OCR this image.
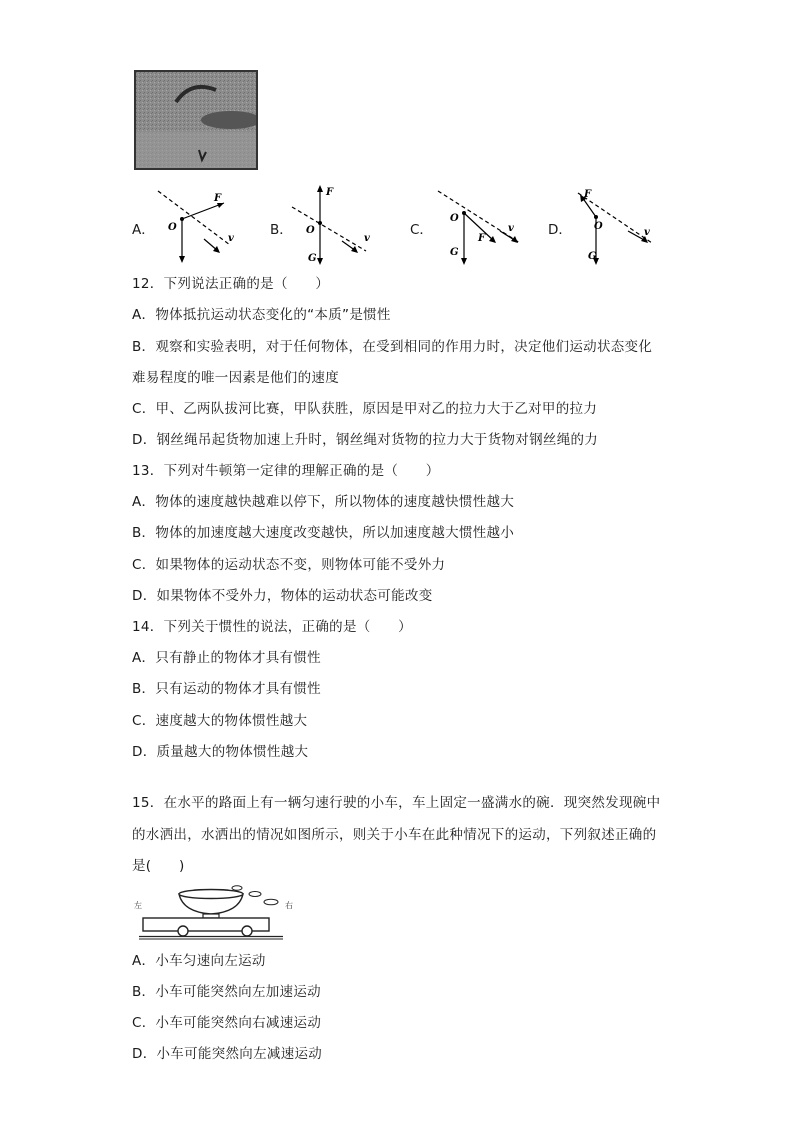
A．
F
O
v
B．
F
O
G
v
C．
O
G
F
v	D．
F
O
G
v
12．下列说法正确的是（　　）
A．物体抵抗运动状态变化的“本质”是惯性
B．观察和实验表明，对于任何物体，在受到相同的作用力时，决定他们运动状态变化
难易程度的唯一因素是他们的速度
C．甲、乙两队拔河比赛，甲队获胜，原因是甲对乙的拉力大于乙对甲的拉力
D．钢丝绳吊起货物加速上升时，钢丝绳对货物的拉力大于货物对钢丝绳的力
13．下列对牛顿第一定律的理解正确的是（　　）
A．物体的速度越快越难以停下，所以物体的速度越快惯性越大
B．物体的加速度越大速度改变越快，所以加速度越大惯性越小
C．如果物体的运动状态不变，则物体可能不受外力
D．如果物体不受外力，物体的运动状态可能改变
14．下列关于惯性的说法，正确的是（　　）
A．只有静止的物体才具有惯性
B．只有运动的物体才具有惯性
C．速度越大的物体惯性越大
D．质量越大的物体惯性越大
15．在水平的路面上有一辆匀速行驶的小车，车上固定一盛满水的碗．现突然发现碗中
的水洒出，水洒出的情况如图所示，则关于小车在此种情况下的运动，下列叙述正确的
是(　　)
左	右
A．小车匀速向左运动
B．小车可能突然向左加速运动
C．小车可能突然向右减速运动
D．小车可能突然向左减速运动
